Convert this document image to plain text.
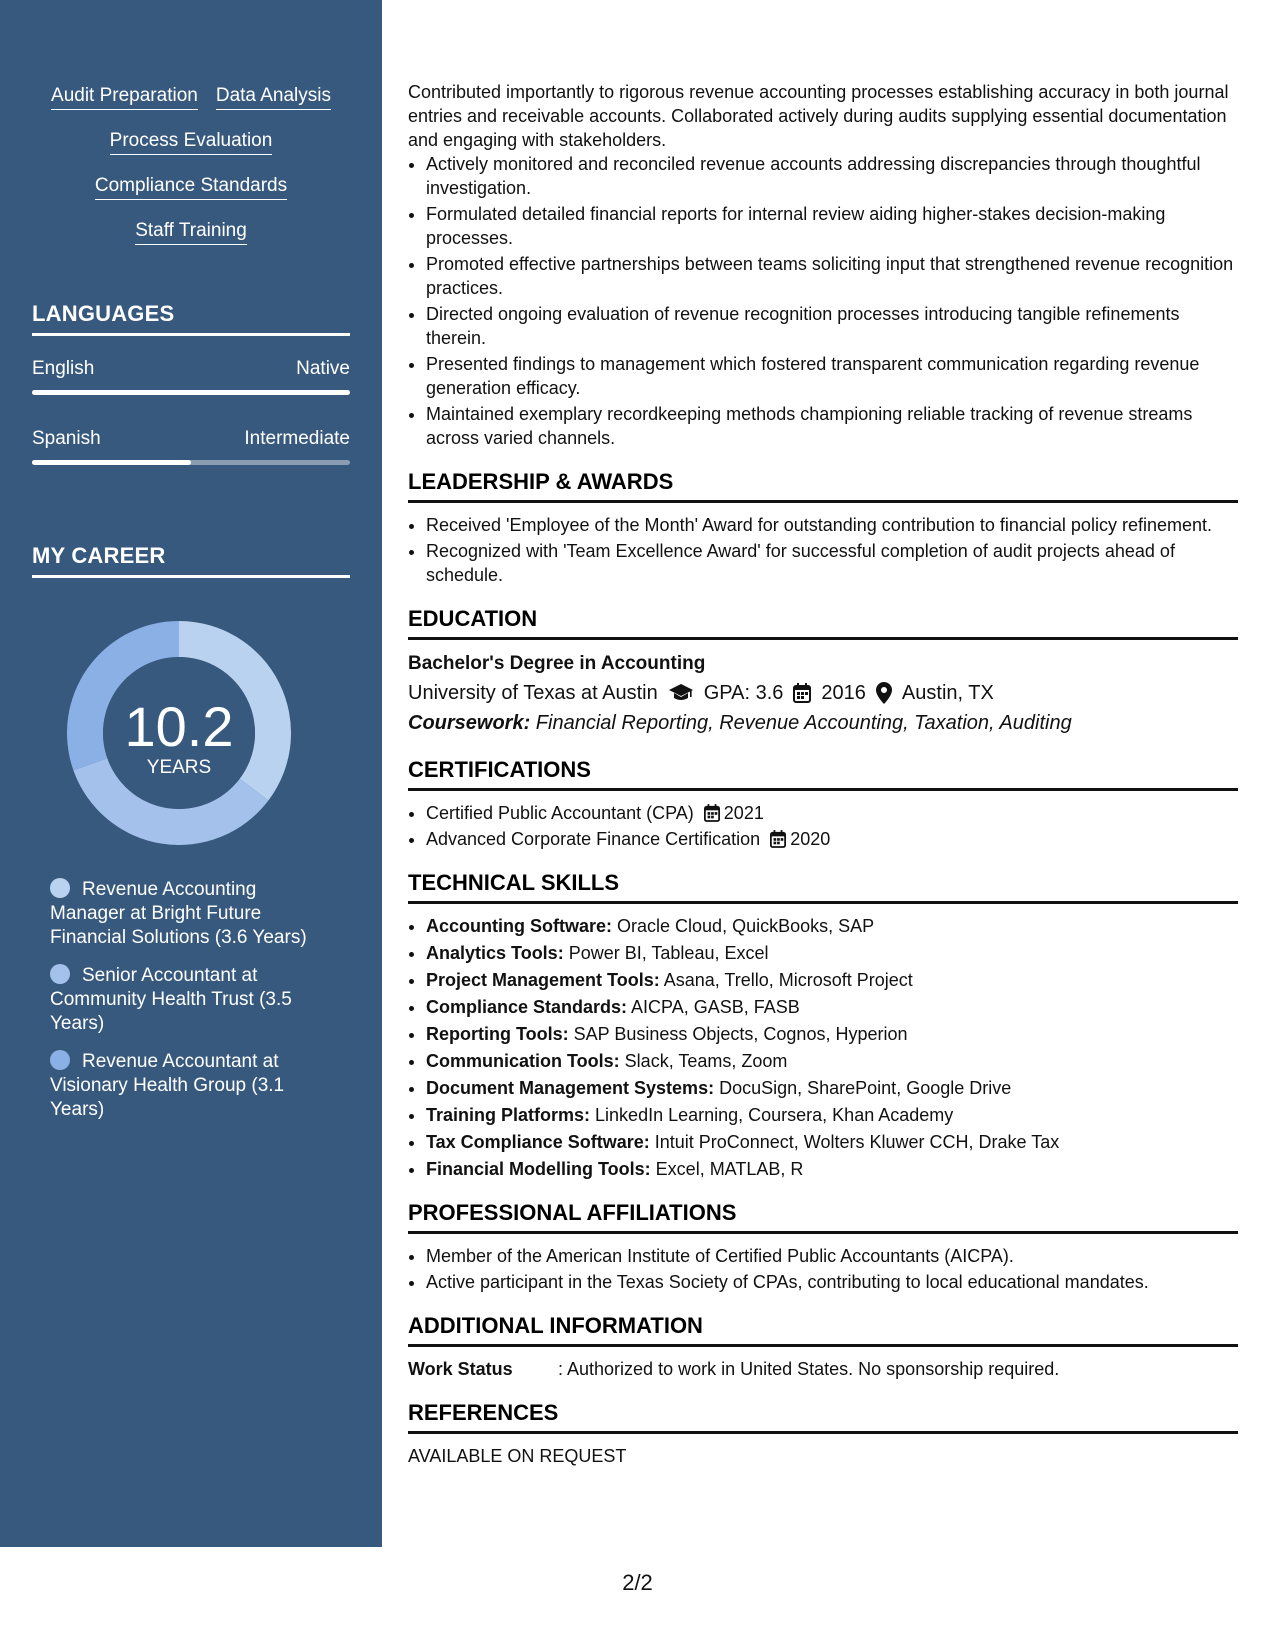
Audit Preparation Data Analysis
Process Evaluation
Compliance Standards
Staff Training
LANGUAGES
English	Native
Spanish	Intermediate
MY CAREER
10.2
YEARS
Revenue Accounting Manager at Bright Future Financial Solutions (3.6 Years)
Senior Accountant at Community Health Trust (3.5 Years)
Revenue Accountant at Visionary Health Group (3.1 Years)

Contributed importantly to rigorous revenue accounting processes establishing accuracy in both journal entries and receivable accounts. Collaborated actively during audits supplying essential documentation and engaging with stakeholders.

• Actively monitored and reconciled revenue accounts addressing discrepancies through thoughtful investigation.
• Formulated detailed financial reports for internal review aiding higher-stakes decision-making processes.
• Promoted effective partnerships between teams soliciting input that strengthened revenue recognition practices.
• Directed ongoing evaluation of revenue recognition processes introducing tangible refinements therein.
• Presented findings to management which fostered transparent communication regarding revenue generation efficacy.
• Maintained exemplary recordkeeping methods championing reliable tracking of revenue streams across varied channels.
LEADERSHIP & AWARDS
• Received 'Employee of the Month' Award for outstanding contribution to financial policy refinement.
• Recognized with 'Team Excellence Award' for successful completion of audit projects ahead of schedule.
EDUCATION
Bachelor's Degree in Accounting
University of Texas at Austin GPA: 3.6 2016 Austin, TX
Coursework: Financial Reporting, Revenue Accounting, Taxation, Auditing
CERTIFICATIONS
• Certified Public Accountant (CPA) 2021
• Advanced Corporate Finance Certification 2020
TECHNICAL SKILLS
• Accounting Software: Oracle Cloud, QuickBooks, SAP
• Analytics Tools: Power BI, Tableau, Excel
• Project Management Tools: Asana, Trello, Microsoft Project
• Compliance Standards: AICPA, GASB, FASB
• Reporting Tools: SAP Business Objects, Cognos, Hyperion
• Communication Tools: Slack, Teams, Zoom
• Document Management Systems: DocuSign, SharePoint, Google Drive
• Training Platforms: LinkedIn Learning, Coursera, Khan Academy
• Tax Compliance Software: Intuit ProConnect, Wolters Kluwer CCH, Drake Tax
• Financial Modelling Tools: Excel, MATLAB, R
PROFESSIONAL AFFILIATIONS
• Member of the American Institute of Certified Public Accountants (AICPA).
• Active participant in the Texas Society of CPAs, contributing to local educational mandates.
ADDITIONAL INFORMATION
Work Status	: Authorized to work in United States. No sponsorship required.
REFERENCES
AVAILABLE ON REQUEST
2/2
